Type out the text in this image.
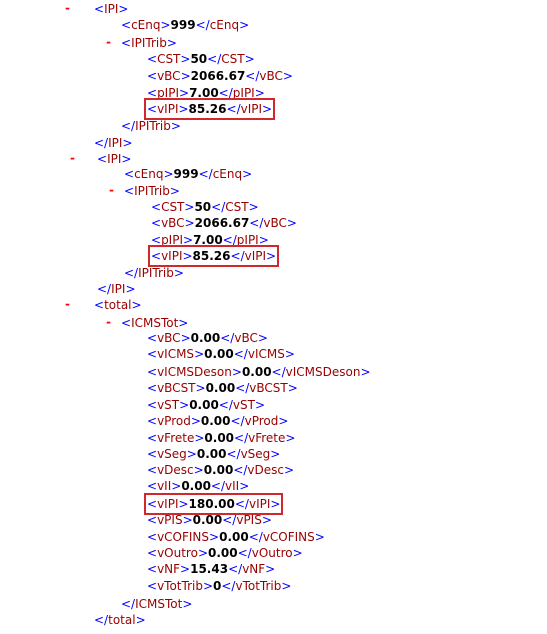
- <IPI>
<cEnq>999</cEnq>
- <IPITrib>
<CST>50</CST>
<vBC>2066.67</vBC>
<pIPI>7.00</pIPI>
<vIPI>85.26</vIPI>
</IPITrib>
</IPI>
- <IPI>
<cEnq>999</cEnq>
- <IPITrib>
<CST>50</CST>
<vBC>2066.67</vBC>
<pIPI>7.00</pIPI>
<vIPI>85.26</vIPI>
</IPITrib>
</IPI>
- <total>
- <ICMSTot>
<vBC>0.00</vBC>
<vICMS>0.00</vICMS>
<vICMSDeson>0.00</vICMSDeson>
<vBCST>0.00</vBCST>
<vST>0.00</vST>
<vProd>0.00</vProd>
<vFrete>0.00</vFrete>
<vSeg>0.00</vSeg>
<vDesc>0.00</vDesc>
<vII>0.00</vII>
<vIPI>180.00</vIPI>
<vPIS>0.00</vPIS>
<vCOFINS>0.00</vCOFINS>
<vOutro>0.00</vOutro>
<vNF>15.43</vNF>
<vTotTrib>0</vTotTrib>
</ICMSTot>
</total>
